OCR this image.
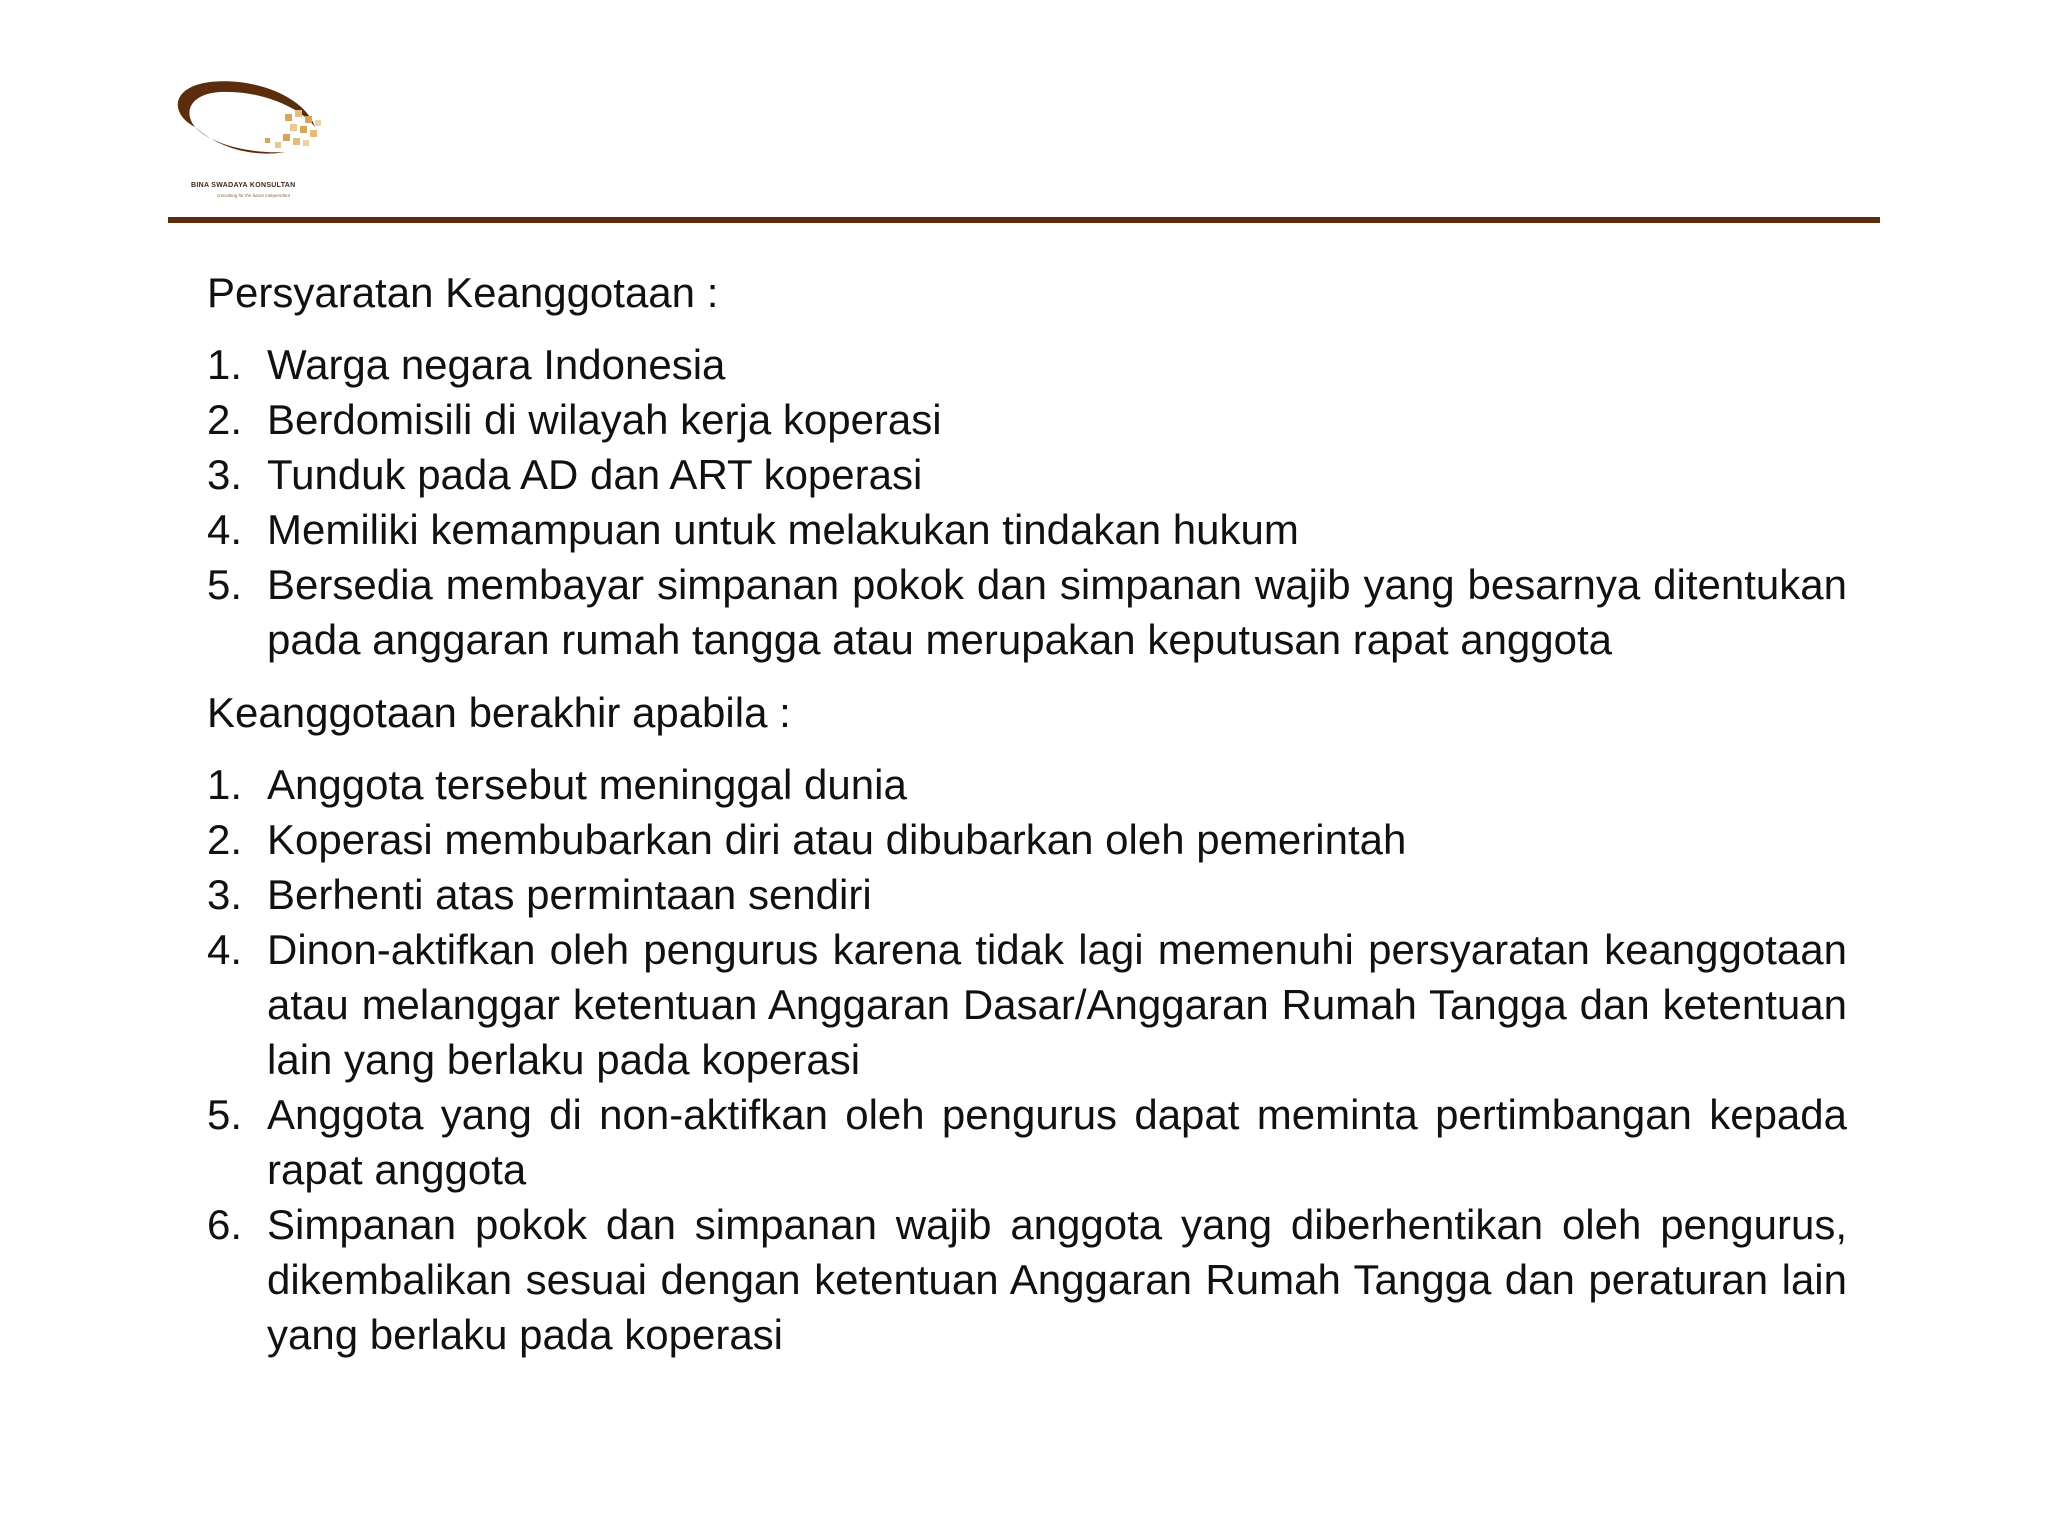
BINA SWADAYA KONSULTAN
consulting for the future independent

Persyaratan Keanggotaan :

1. Warga negara Indonesia
2. Berdomisili di wilayah kerja koperasi
3. Tunduk pada AD dan ART koperasi
4. Memiliki kemampuan untuk melakukan tindakan hukum
5. Bersedia membayar simpanan pokok dan simpanan wajib yang besarnya ditentukan pada anggaran rumah tangga atau merupakan keputusan rapat anggota

Keanggotaan berakhir apabila :

1. Anggota tersebut meninggal dunia
2. Koperasi membubarkan diri atau dibubarkan oleh pemerintah
3. Berhenti atas permintaan sendiri
4. Dinon-aktifkan oleh pengurus karena tidak lagi memenuhi persyaratan keanggotaan atau melanggar ketentuan Anggaran Dasar/Anggaran Rumah Tangga dan ketentuan lain yang berlaku pada koperasi
5. Anggota yang di non-aktifkan oleh pengurus dapat meminta pertimbangan kepada rapat anggota
6. Simpanan pokok dan simpanan wajib anggota yang diberhentikan oleh pengurus, dikembalikan sesuai dengan ketentuan Anggaran Rumah Tangga dan peraturan lain yang berlaku pada koperasi
